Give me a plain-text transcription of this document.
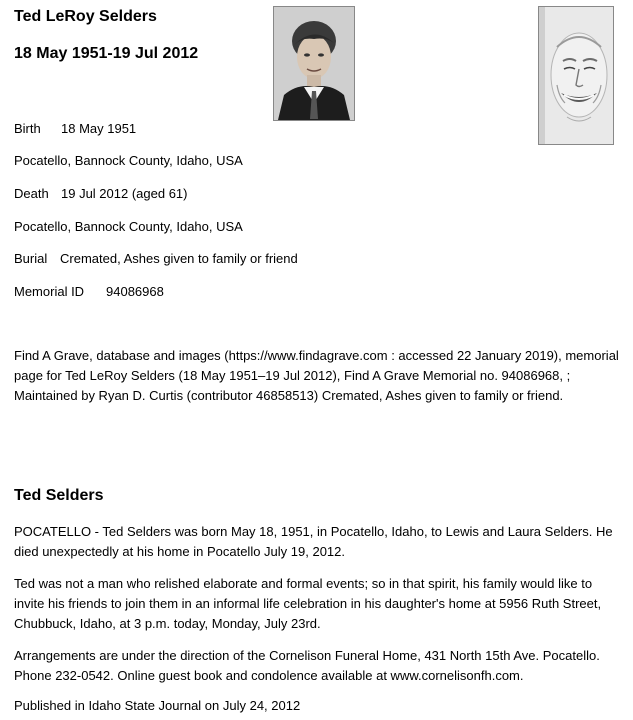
Ted LeRoy Selders
18 May 1951-19 Jul 2012
Birth 18 May 1951
Pocatello, Bannock County, Idaho, USA
Death 19 Jul 2012 (aged 61)
Pocatello, Bannock County, Idaho, USA
Burial Cremated, Ashes given to family or friend
Memorial ID 94086968
Find A Grave, database and images (https://www.findagrave.com : accessed 22 January 2019), memorial page for Ted LeRoy Selders (18 May 1951–19 Jul 2012), Find A Grave Memorial no. 94086968, ; Maintained by Ryan D. Curtis (contributor 46858513) Cremated, Ashes given to family or friend.
Ted Selders
POCATELLO - Ted Selders was born May 18, 1951, in Pocatello, Idaho, to Lewis and Laura Selders. He died unexpectedly at his home in Pocatello July 19, 2012.
Ted was not a man who relished elaborate and formal events; so in that spirit, his family would like to invite his friends to join them in an informal life celebration in his daughter's home at 5956 Ruth Street, Chubbuck, Idaho, at 3 p.m. today, Monday, July 23rd.
Arrangements are under the direction of the Cornelison Funeral Home, 431 North 15th Ave. Pocatello. Phone 232-0542. Online guest book and condolence available at www.cornelisonfh.com.
Published in Idaho State Journal on July 24, 2012
